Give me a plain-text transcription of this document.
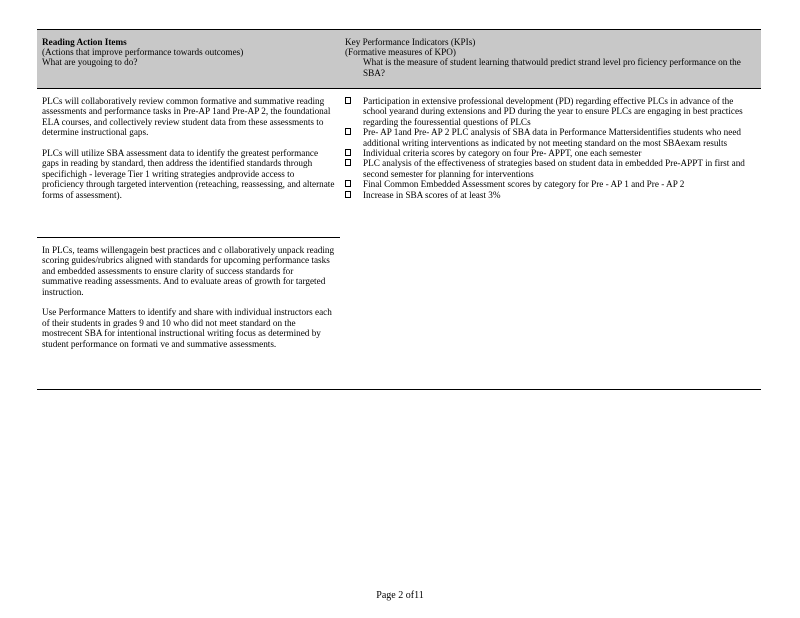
Reading Action Items
(Actions that improve performance towards outcomes)
What are yougoing to do?
Key Performance Indicators (KPIs)
(Formative measures of KPO)
What is the measure of student learning thatwould predict strand level pro ficiency performance on the SBA?

PLCs will collaboratively review common formative and summative reading assessments and performance tasks in Pre-AP 1and Pre-AP 2, the foundational ELA courses, and collectively review student data from these assessments to determine instructional gaps.

PLCs will utilize SBA assessment data to identify the greatest performance gaps in reading by standard, then address the identified standards through specifichigh - leverage Tier 1 writing strategies andprovide access to proficiency through targeted intervention (reteaching, reassessing, and alternate forms of assessment).

In PLCs, teams willengagein best practices and c ollaboratively unpack reading scoring guides/rubrics aligned with standards for upcoming performance tasks and embedded assessments to ensure clarity of success standards for summative reading assessments. And to evaluate areas of growth for targeted instruction.

Use Performance Matters to identify and share with individual instructors each of their students in grades 9 and 10 who did not meet standard on the mostrecent SBA for intentional instructional writing focus as determined by student performance on formati ve and summative assessments.

Participation in extensive professional development (PD) regarding effective PLCs in advance of the school yearand during extensions and PD during the year to ensure PLCs are engaging in best practices regarding the fouressential questions of PLCs

Pre- AP 1and Pre- AP 2 PLC analysis of SBA data in Performance Mattersidentifies students who need additional writing interventions as indicated by not meeting standard on the most SBAexam results

Individual criteria scores by category on four Pre- APPT, one each semester

PLC analysis of the effectiveness of strategies based on student data in embedded Pre-APPT in first and second semester for planning for interventions

Final Common Embedded Assessment scores by category for Pre - AP 1 and Pre - AP 2

Increase in SBA scores of at least 3%

Page 2 of11
